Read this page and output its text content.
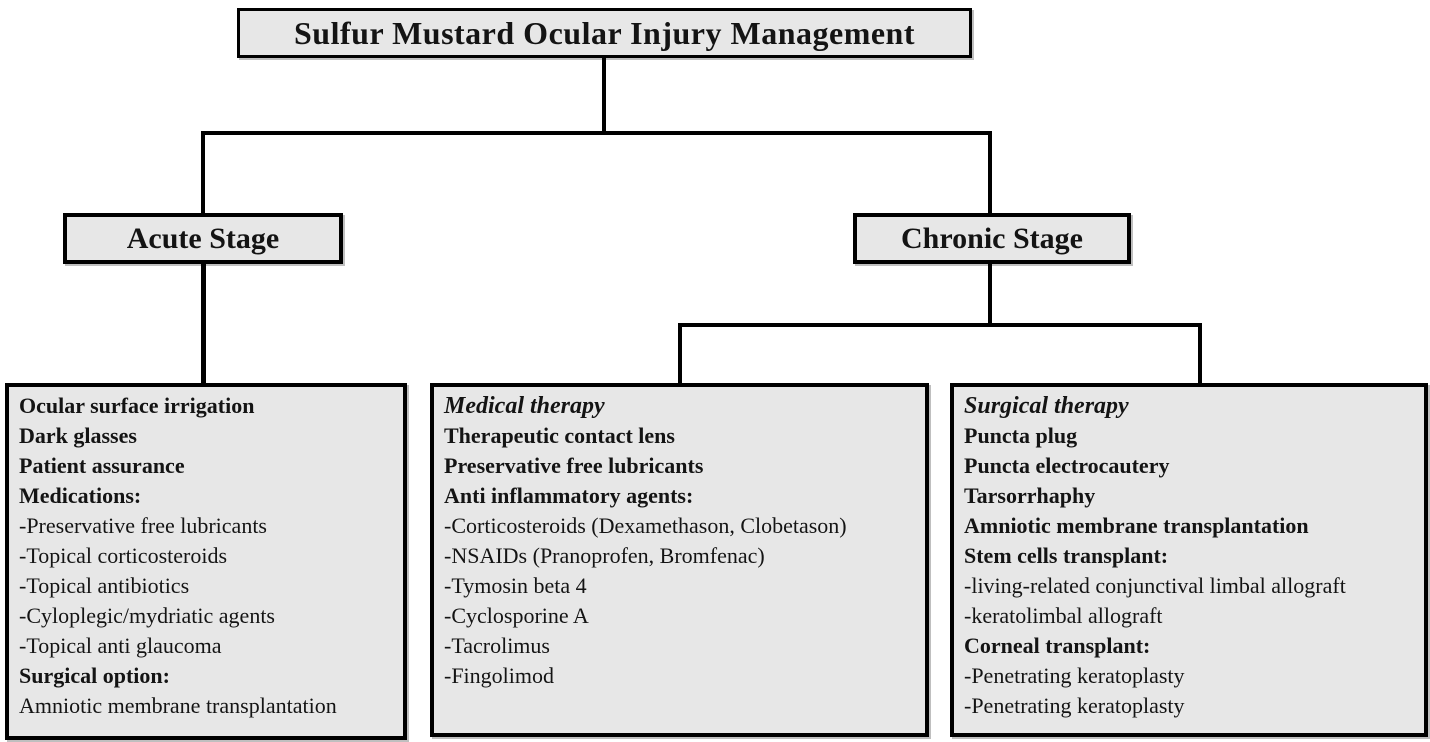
Sulfur Mustard Ocular Injury Management
Acute Stage	Chronic Stage
Ocular surface irrigation
Dark glasses
Patient assurance
Medications:
-Preservative free lubricants
-Topical corticosteroids
-Topical antibiotics
-Cyloplegic/mydriatic agents
-Topical anti glaucoma
Surgical option:
Amniotic membrane transplantation
Medical therapy
Therapeutic contact lens
Preservative free lubricants
Anti inflammatory agents:
-Corticosteroids (Dexamethason, Clobetason)
-NSAIDs (Pranoprofen, Bromfenac)
-Tymosin beta 4
-Cyclosporine A
-Tacrolimus
-Fingolimod
Surgical therapy
Puncta plug
Puncta electrocautery
Tarsorrhaphy
Amniotic membrane transplantation
Stem cells transplant:
-living-related conjunctival limbal allograft
-keratolimbal allograft
Corneal transplant:
-Penetrating keratoplasty
-Penetrating keratoplasty
